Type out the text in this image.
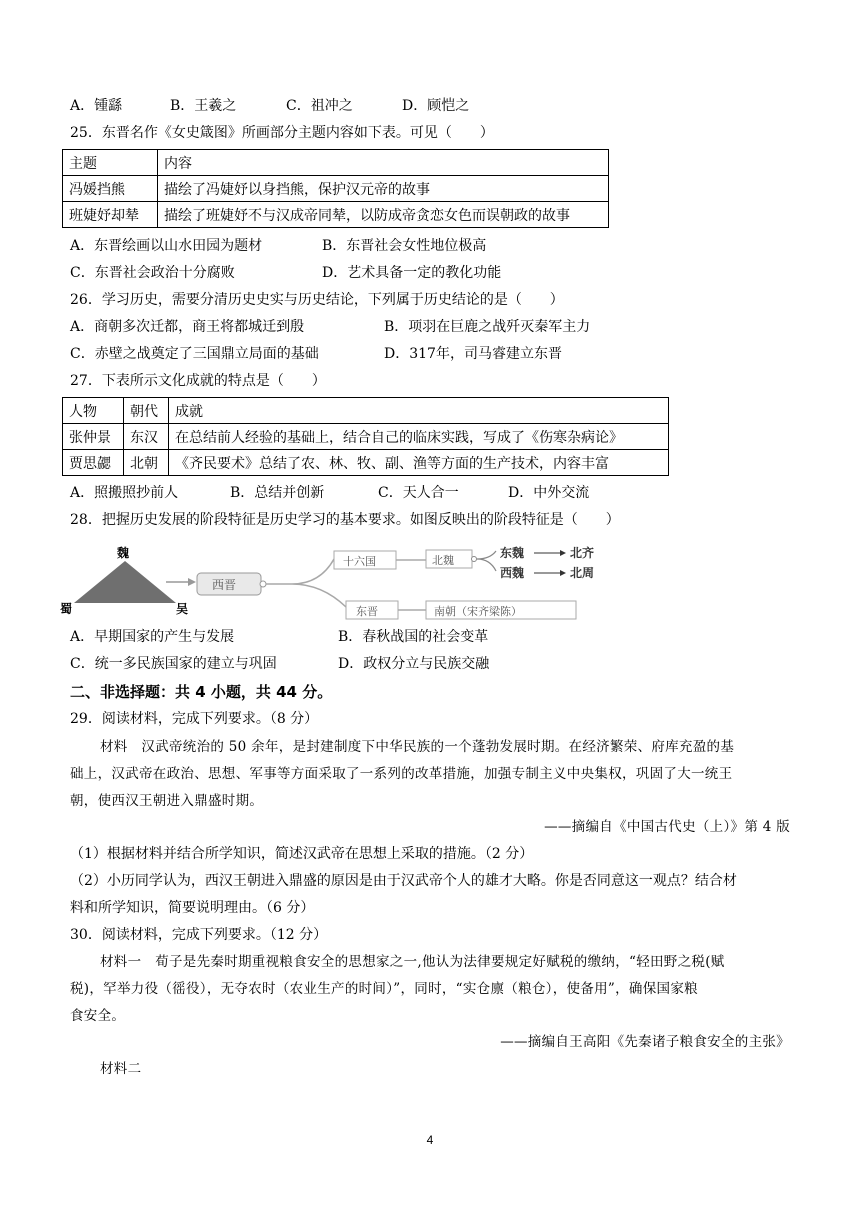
A．锺繇	B．王羲之	C．祖冲之	D．顾恺之
25．东晋名作《女史箴图》所画部分主题内容如下表。可见（　　）
主题	内容
冯媛挡熊	描绘了冯婕妤以身挡熊，保护汉元帝的故事
班婕妤却辇	描绘了班婕妤不与汉成帝同辇，以防成帝贪恋女色而误朝政的故事
A．东晋绘画以山水田园为题材	B．东晋社会女性地位极高
C．东晋社会政治十分腐败	D．艺术具备一定的教化功能
26．学习历史，需要分清历史史实与历史结论，下列属于历史结论的是（　　）
A．商朝多次迁都，商王将都城迁到殷	B．项羽在巨鹿之战歼灭秦军主力
C．赤壁之战奠定了三国鼎立局面的基础	D．317年，司马睿建立东晋
27．下表所示文化成就的特点是（　　）
人物	朝代	成就
张仲景	东汉	在总结前人经验的基础上，结合自己的临床实践，写成了《伤寒杂病论》
贾思勰	北朝	《齐民要术》总结了农、林、牧、副、渔等方面的生产技术，内容丰富
A．照搬照抄前人	B．总结并创新	C．天人合一	D．中外交流
28．把握历史发展的阶段特征是历史学习的基本要求。如图反映出的阶段特征是（　　）
魏
蜀	吴
西晋
十六国	北魏
东魏	北齐
西魏	北周
东晋	南朝（宋齐梁陈）
A．早期国家的产生与发展	B．春秋战国的社会变革
C．统一多民族国家的建立与巩固	D．政权分立与民族交融
二、非选择题：共 4 小题，共 44 分。
29．阅读材料，完成下列要求。（8 分）
材料　汉武帝统治的 50 余年，是封建制度下中华民族的一个蓬勃发展时期。在经济繁荣、府库充盈的基
础上，汉武帝在政治、思想、军事等方面采取了一系列的改革措施，加强专制主义中央集权，巩固了大一统王
朝，使西汉王朝进入鼎盛时期。
——摘编自《中国古代史（上）》第 4 版
（1）根据材料并结合所学知识，简述汉武帝在思想上采取的措施。（2 分）
（2）小历同学认为，西汉王朝进入鼎盛的原因是由于汉武帝个人的雄才大略。你是否同意这一观点？结合材
料和所学知识，简要说明理由。（6 分）
30．阅读材料，完成下列要求。（12 分）
材料一　荀子是先秦时期重视粮食安全的思想家之一,他认为法律要规定好赋税的缴纳，“轻田野之税(赋
税)，罕举力役（徭役），无夺农时（农业生产的时间）”，同时，“实仓廪（粮仓），使备用”，确保国家粮
食安全。
——摘编自王高阳《先秦诸子粮食安全的主张》
材料二
4
